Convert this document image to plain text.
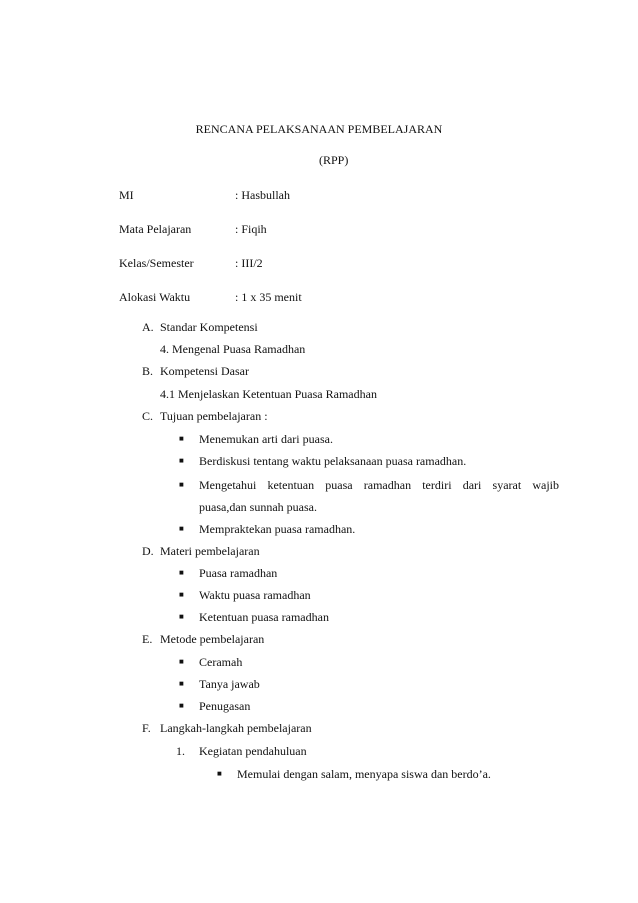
RENCANA PELAKSANAAN PEMBELAJARAN
(RPP)
MI	: Hasbullah
Mata Pelajaran	: Fiqih
Kelas/Semester	: III/2
Alokasi Waktu	: 1 x 35 menit
A. Standar Kompetensi
4. Mengenal Puasa Ramadhan
B. Kompetensi Dasar
4.1 Menjelaskan Ketentuan Puasa Ramadhan
C. Tujuan pembelajaran :
■ Menemukan arti dari puasa.
■ Berdiskusi tentang waktu pelaksanaan puasa ramadhan.
■ Mengetahui ketentuan puasa ramadhan terdiri dari syarat wajib
puasa,dan sunnah puasa.
■ Mempraktekan puasa ramadhan.
D. Materi pembelajaran
■ Puasa ramadhan
■ Waktu puasa ramadhan
■ Ketentuan puasa ramadhan
E. Metode pembelajaran
■ Ceramah
■ Tanya jawab
■ Penugasan
F. Langkah-langkah pembelajaran
1. Kegiatan pendahuluan
■ Memulai dengan salam, menyapa siswa dan berdo’a.
